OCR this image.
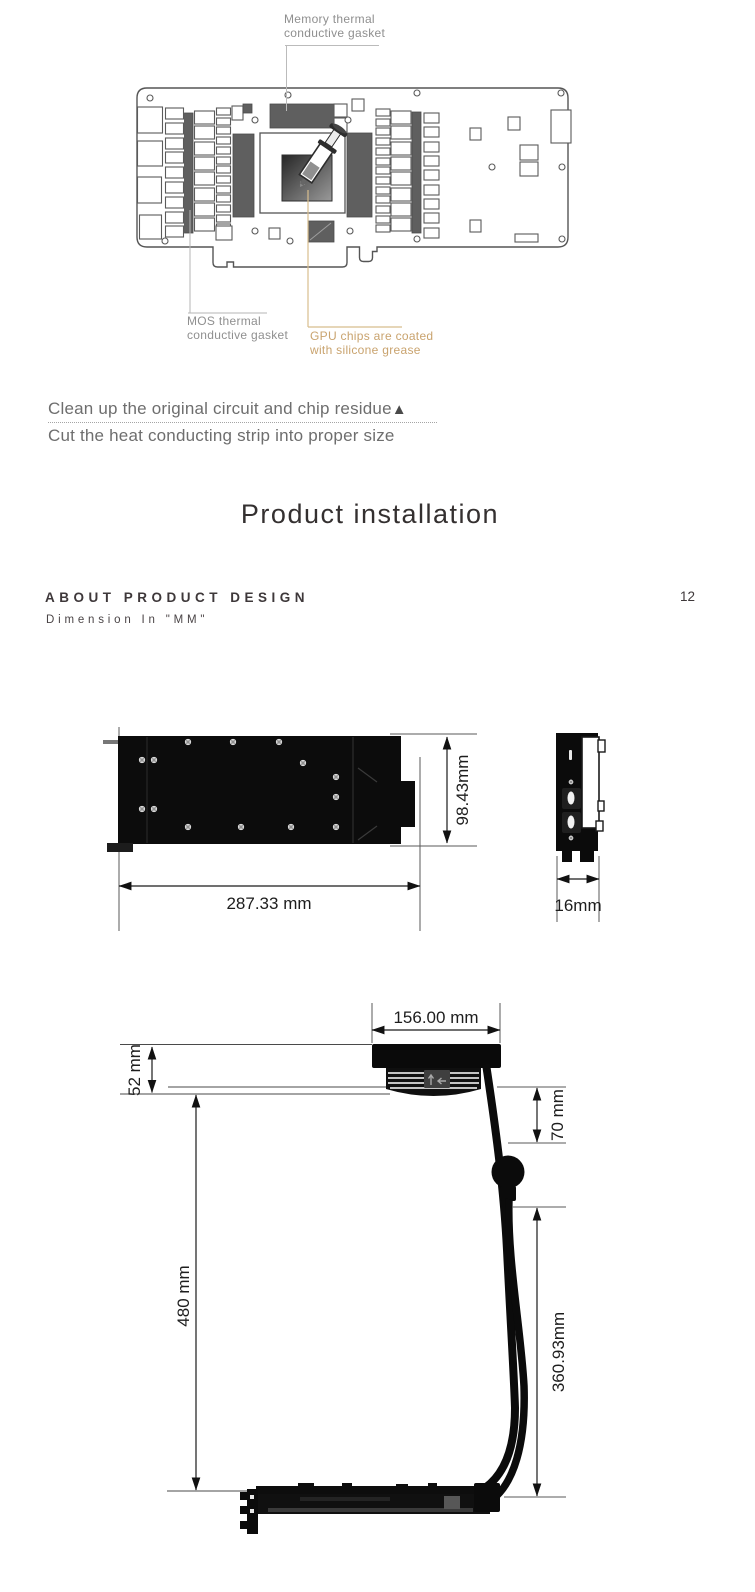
Memory thermal
conductive gasket
MOS thermal
conductive gasket GPU chips are coated
with silicone grease
Clean up the original circuit and chip residue▲
Cut the heat conducting strip into proper size
Product installation
ABOUT PRODUCT DESIGN	12
Dimension In "MM"
287.33 mm
98.43mm
16mm
156.00 mm
52 mm
480 mm
70 mm
360.93mm
